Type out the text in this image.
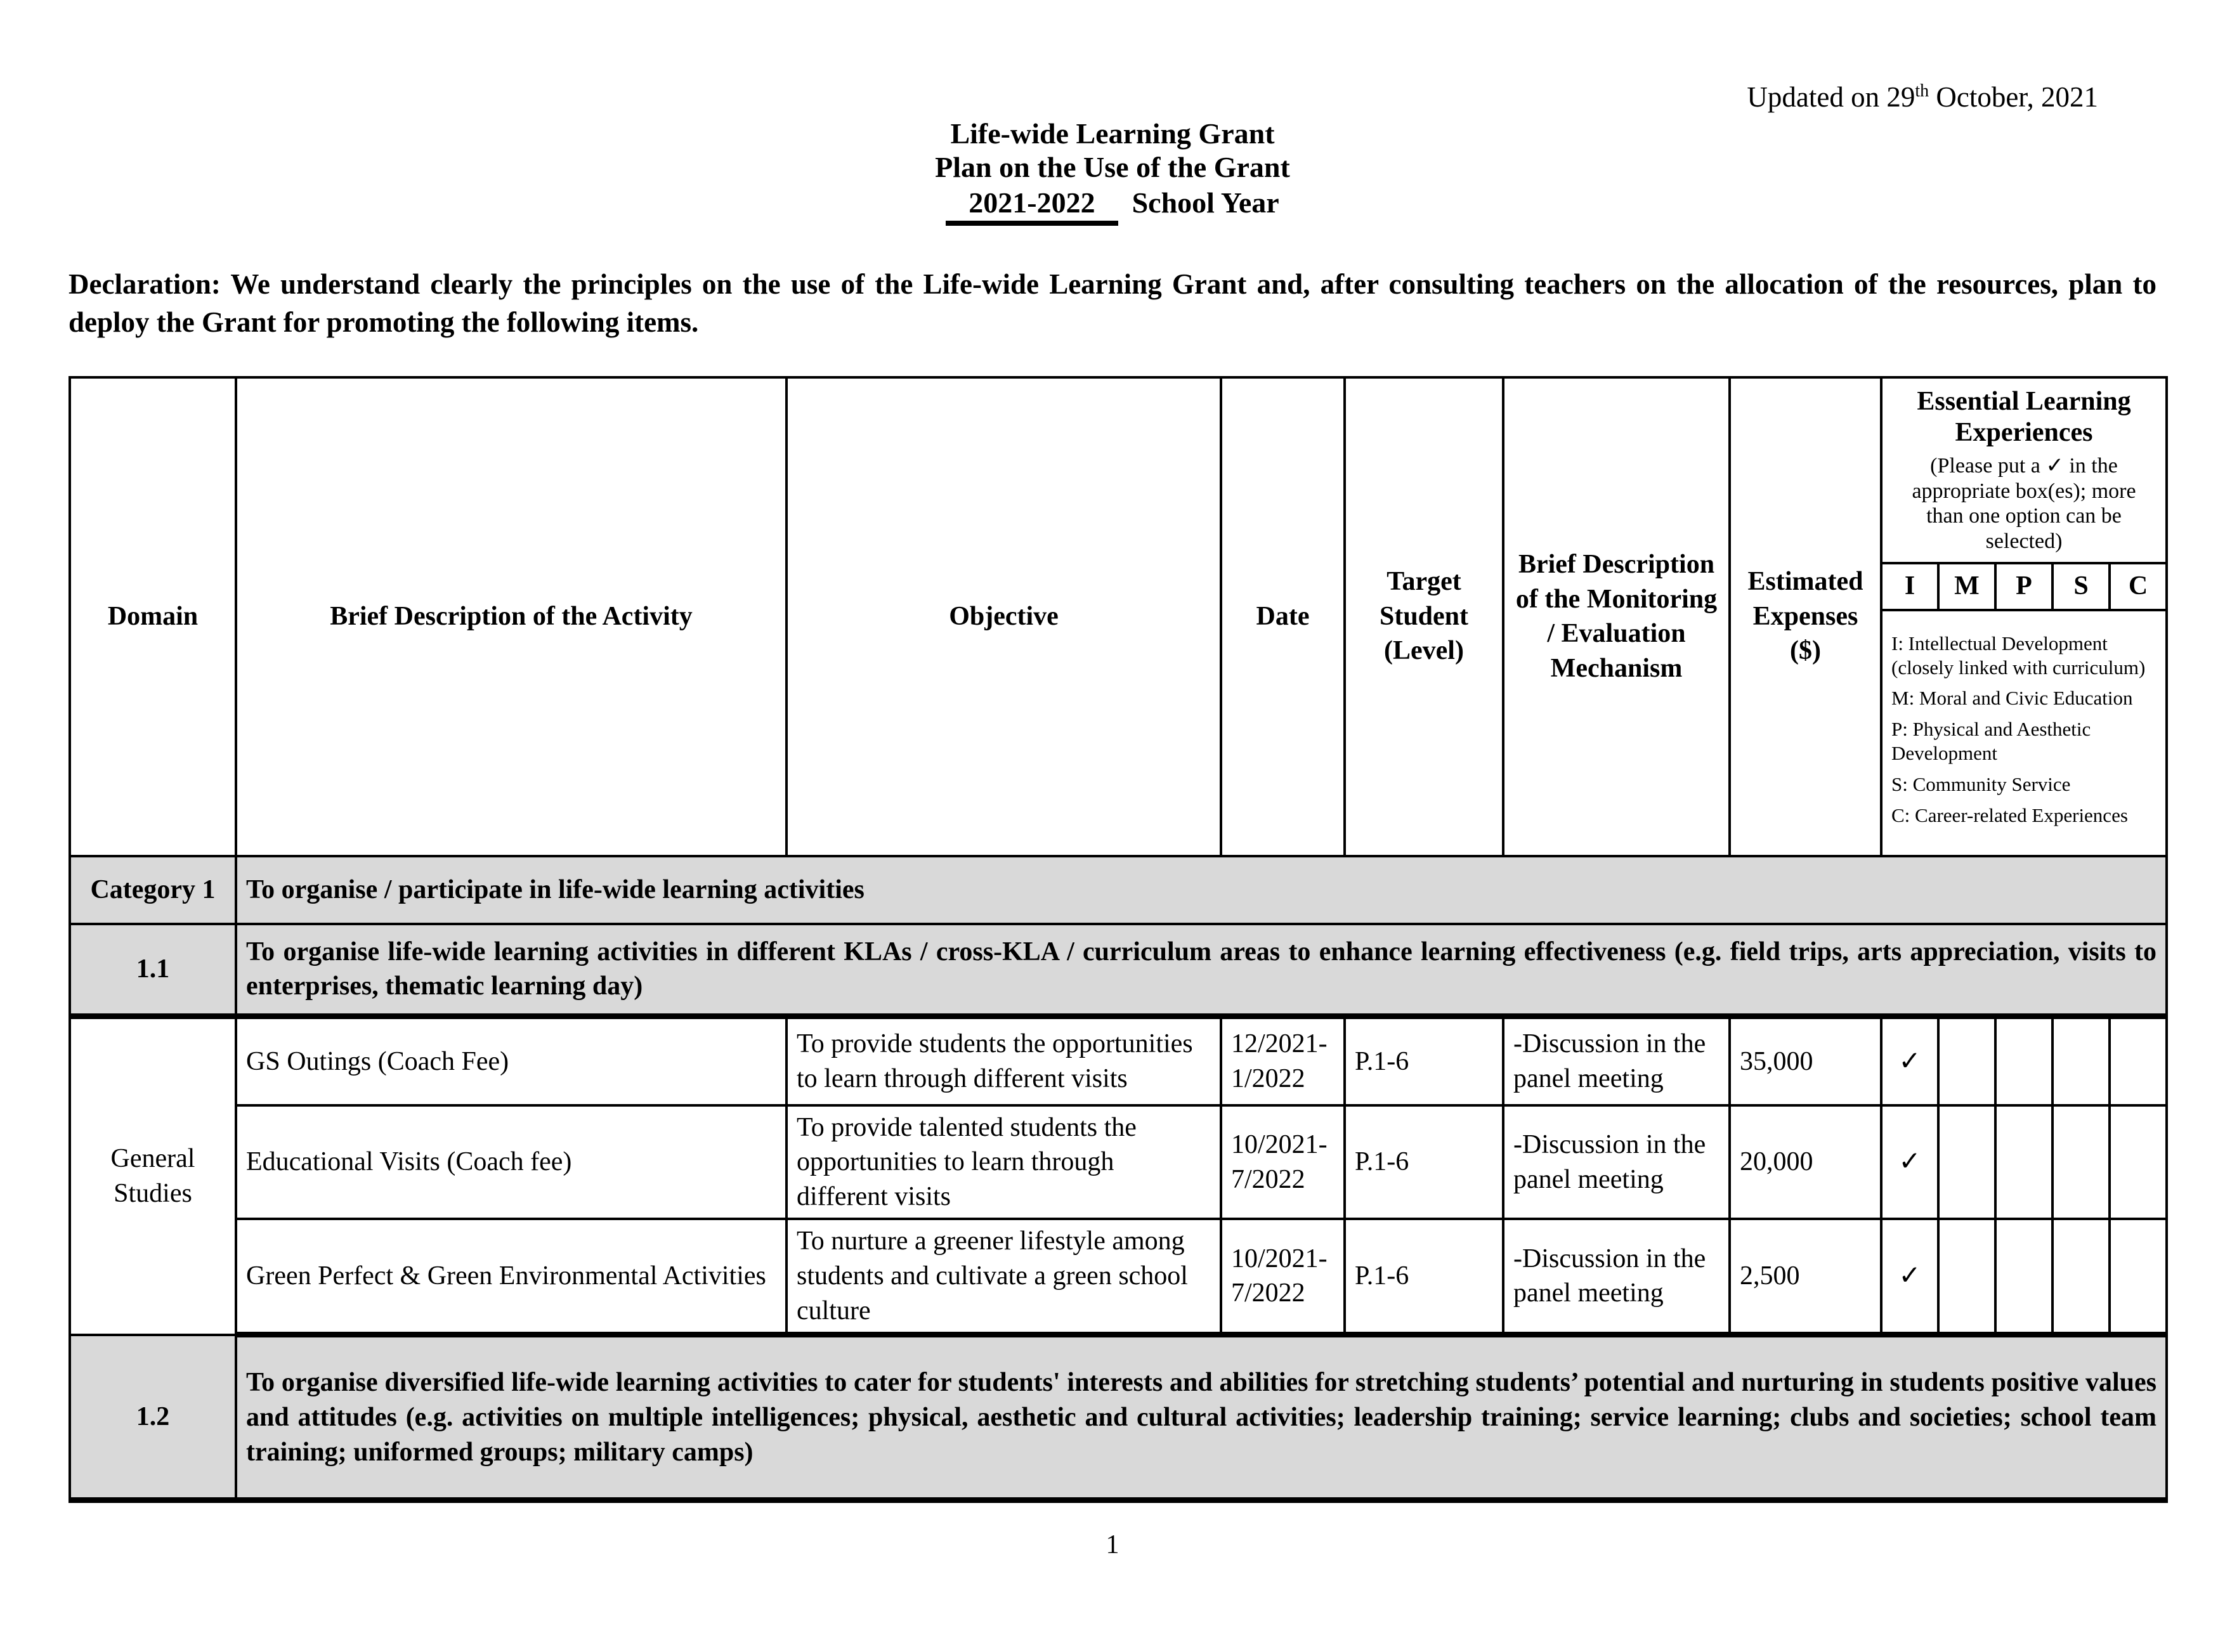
Updated on 29th October, 2021
Life-wide Learning Grant
Plan on the Use of the Grant
2021-2022 School Year
Declaration: We understand clearly the principles on the use of the Life-wide Learning Grant and, after consulting teachers on the allocation of the resources, plan to deploy the Grant for promoting the following items.
Domain	Brief Description of the Activity	Objective	Date	Target Student (Level)	Brief Description of the Monitoring / Evaluation Mechanism	Estimated Expenses ($)	Essential Learning Experiences
(Please put a ✓ in the appropriate box(es); more than one option can be selected)				

							I	M	P	S	C

							I: Intellectual Development (closely linked with curriculum)
M: Moral and Civic Education
P: Physical and Aesthetic Development
S: Community Service
C: Career-related Experiences				

Category 1	To organise / participate in life-wide learning activities										
1.1	To organise life-wide learning activities in different KLAs / cross-KLA / curriculum areas to enhance learning effectiveness (e.g. field trips, arts appreciation, visits to enterprises, thematic learning day)										
General Studies	GS Outings (Coach Fee)	To provide students the opportunities to learn through different visits	12/2021-1/2022	P.1-6	-Discussion in the panel meeting	35,000	✓				
	Educational Visits (Coach fee)	To provide talented students the opportunities to learn through different visits	10/2021-7/2022	P.1-6	-Discussion in the panel meeting	20,000	✓				
	Green Perfect & Green Environmental Activities	To nurture a greener lifestyle among students and cultivate a green school culture	10/2021-7/2022	P.1-6	-Discussion in the panel meeting	2,500	✓				
1.2	To organise diversified life-wide learning activities to cater for students' interests and abilities for stretching students’ potential and nurturing in students positive values and attitudes (e.g. activities on multiple intelligences; physical, aesthetic and cultural activities; leadership training; service learning; clubs and societies; school team training; uniformed groups; military camps)										
1
